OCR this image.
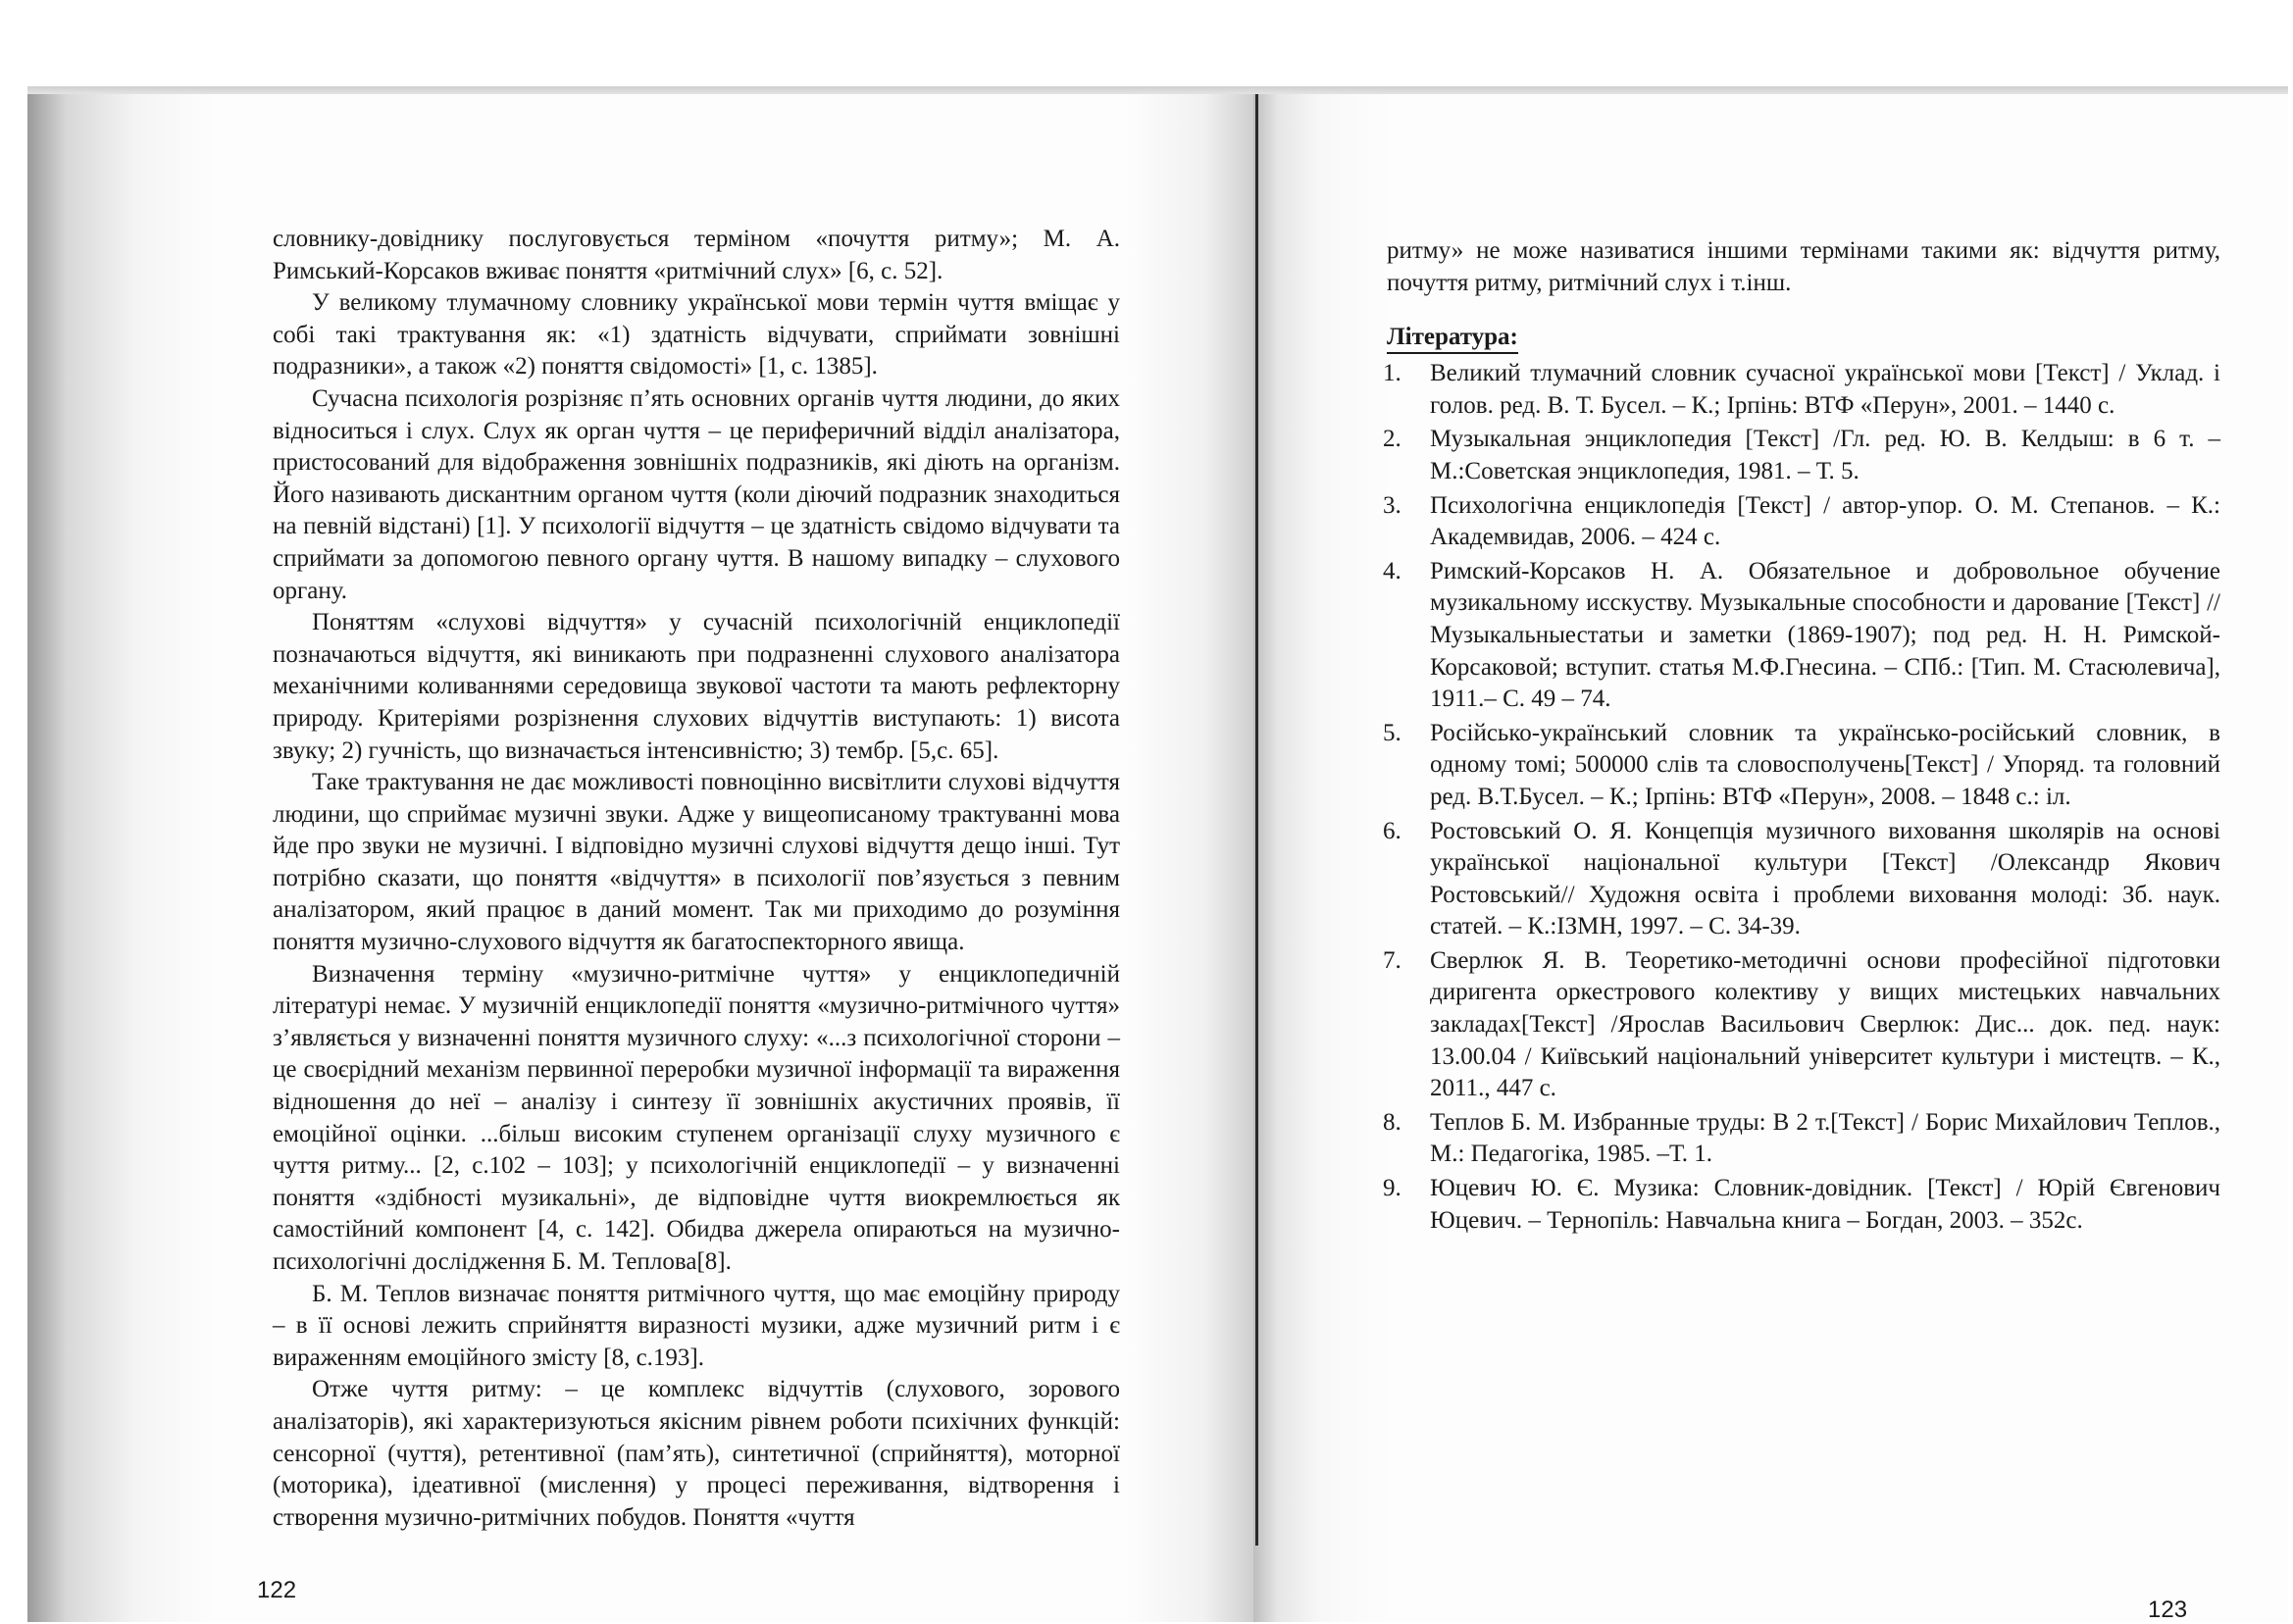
словнику-довіднику послуговується терміном «почуття ритму»; М. А. Римський-Корсаков вживає поняття «ритмічний слух» [6, с. 52].

У великому тлумачному словнику української мови термін чуття вміщає у собі такі трактування як: «1) здатність відчувати, сприймати зовнішні подразники», а також «2) поняття свідомості» [1, с. 1385].

Сучасна психологія розрізняє п’ять основних органів чуття людини, до яких відноситься і слух. Слух як орган чуття – це периферичний відділ аналізатора, пристосований для відображення зовнішніх подразників, які діють на організм. Його називають дискантним органом чуття (коли діючий подразник знаходиться на певній відстані) [1]. У психології відчуття – це здатність свідомо відчувати та сприймати за допомогою певного органу чуття. В нашому випадку – слухового органу.

Поняттям «слухові відчуття» у сучасній психологічній енциклопедії позначаються відчуття, які виникають при подразненні слухового аналізатора механічними коливаннями середовища звукової частоти та мають рефлекторну природу. Критеріями розрізнення слухових відчуттів виступають: 1) висота звуку; 2) гучність, що визначається інтенсивністю; 3) тембр. [5,с. 65].

Таке трактування не дає можливості повноцінно висвітлити слухові відчуття людини, що сприймає музичні звуки. Адже у вищеописаному трактуванні мова йде про звуки не музичні. І відповідно музичні слухові відчуття дещо інші. Тут потрібно сказати, що поняття «відчуття» в психології пов’язується з певним аналізатором, який працює в даний момент. Так ми приходимо до розуміння поняття музично-слухового відчуття як багатоспекторного явища.

Визначення терміну «музично-ритмічне чуття» у енциклопедичній літературі немає. У музичній енциклопедії поняття «музично-ритмічного чуття» з’являється у визначенні поняття музичного слуху: «...з психологічної сторони – це своєрідний механізм первинної переробки музичної інформації та вираження відношення до неї – аналізу і синтезу її зовнішніх акустичних проявів, її емоційної оцінки. ...більш високим ступенем організації слуху музичного є чуття ритму... [2, с.102 – 103]; у психологічній енциклопедії – у визначенні поняття «здібності музикальні», де відповідне чуття виокремлюється як самостійний компонент [4, с. 142]. Обидва джерела опираються на музично-психологічні дослідження Б. М. Теплова[8].

Б. М. Теплов визначає поняття ритмічного чуття, що має емоційну природу – в її основі лежить сприйняття виразності музики, адже музичний ритм і є вираженням емоційного змісту [8, с.193].

Отже чуття ритму: – це комплекс відчуттів (слухового, зорового аналізаторів), які характеризуються якісним рівнем роботи психічних функцій: сенсорної (чуття), ретентивної (пам’ять), синтетичної (сприйняття), моторної (моторика), ідеативної (мислення) у процесі переживання, відтворення і створення музично-ритмічних побудов. Поняття «чуття

122

ритму» не може називатися іншими термінами такими як: відчуття ритму, почуття ритму, ритмічний слух і т.інш.

Література:
1. Великий тлумачний словник сучасної української мови [Текст] / Уклад. і голов. ред. В. Т. Бусел. – К.; Ірпінь: ВТФ «Перун», 2001. – 1440 с.
2. Музыкальная энциклопедия [Текст] /Гл. ред. Ю. В. Келдыш: в 6 т. – М.:Советская энциклопедия, 1981. – Т. 5.
3. Психологічна енциклопедія [Текст] / автор-упор. О. М. Степанов. – К.: Академвидав, 2006. – 424 с.
4. Римский-Корсаков Н. А. Обязательное и добровольное обучение музикальному исскуству. Музыкальные способности и дарование [Текст] // Музыкальныестатьи и заметки (1869-1907); под ред. Н. Н. Римской-Корсаковой; вступит. статья М.Ф.Гнесина. – СПб.: [Тип. М. Стасюлевича], 1911.– С. 49 – 74.
5. Російсько-український словник та українсько-російський словник, в одному томі; 500000 слів та словосполучень[Текст] / Упоряд. та головний ред. В.Т.Бусел. – К.; Ірпінь: ВТФ «Перун», 2008. – 1848 с.: іл.
6. Ростовський О. Я. Концепція музичного виховання школярів на основі української національної культури [Текст] /Олександр Якович Ростовський// Художня освіта і проблеми виховання молоді: Зб. наук. статей. – К.:ІЗМН, 1997. – С. 34-39.
7. Сверлюк Я. В. Теоретико-методичні основи професійної підготовки диригента оркестрового колективу у вищих мистецьких навчальних закладах[Текст] /Ярослав Васильович Сверлюк: Дис... док. пед. наук: 13.00.04 / Київський національний університет культури і мистецтв. – К., 2011., 447 с.
8. Теплов Б. М. Избранные труды: В 2 т.[Текст] / Борис Михайлович Теплов., М.: Педагогіка, 1985. –Т. 1.
9. Юцевич Ю. Є. Музика: Словник-довідник. [Текст] / Юрій Євгенович Юцевич. – Тернопіль: Навчальна книга – Богдан, 2003. – 352с.
123
